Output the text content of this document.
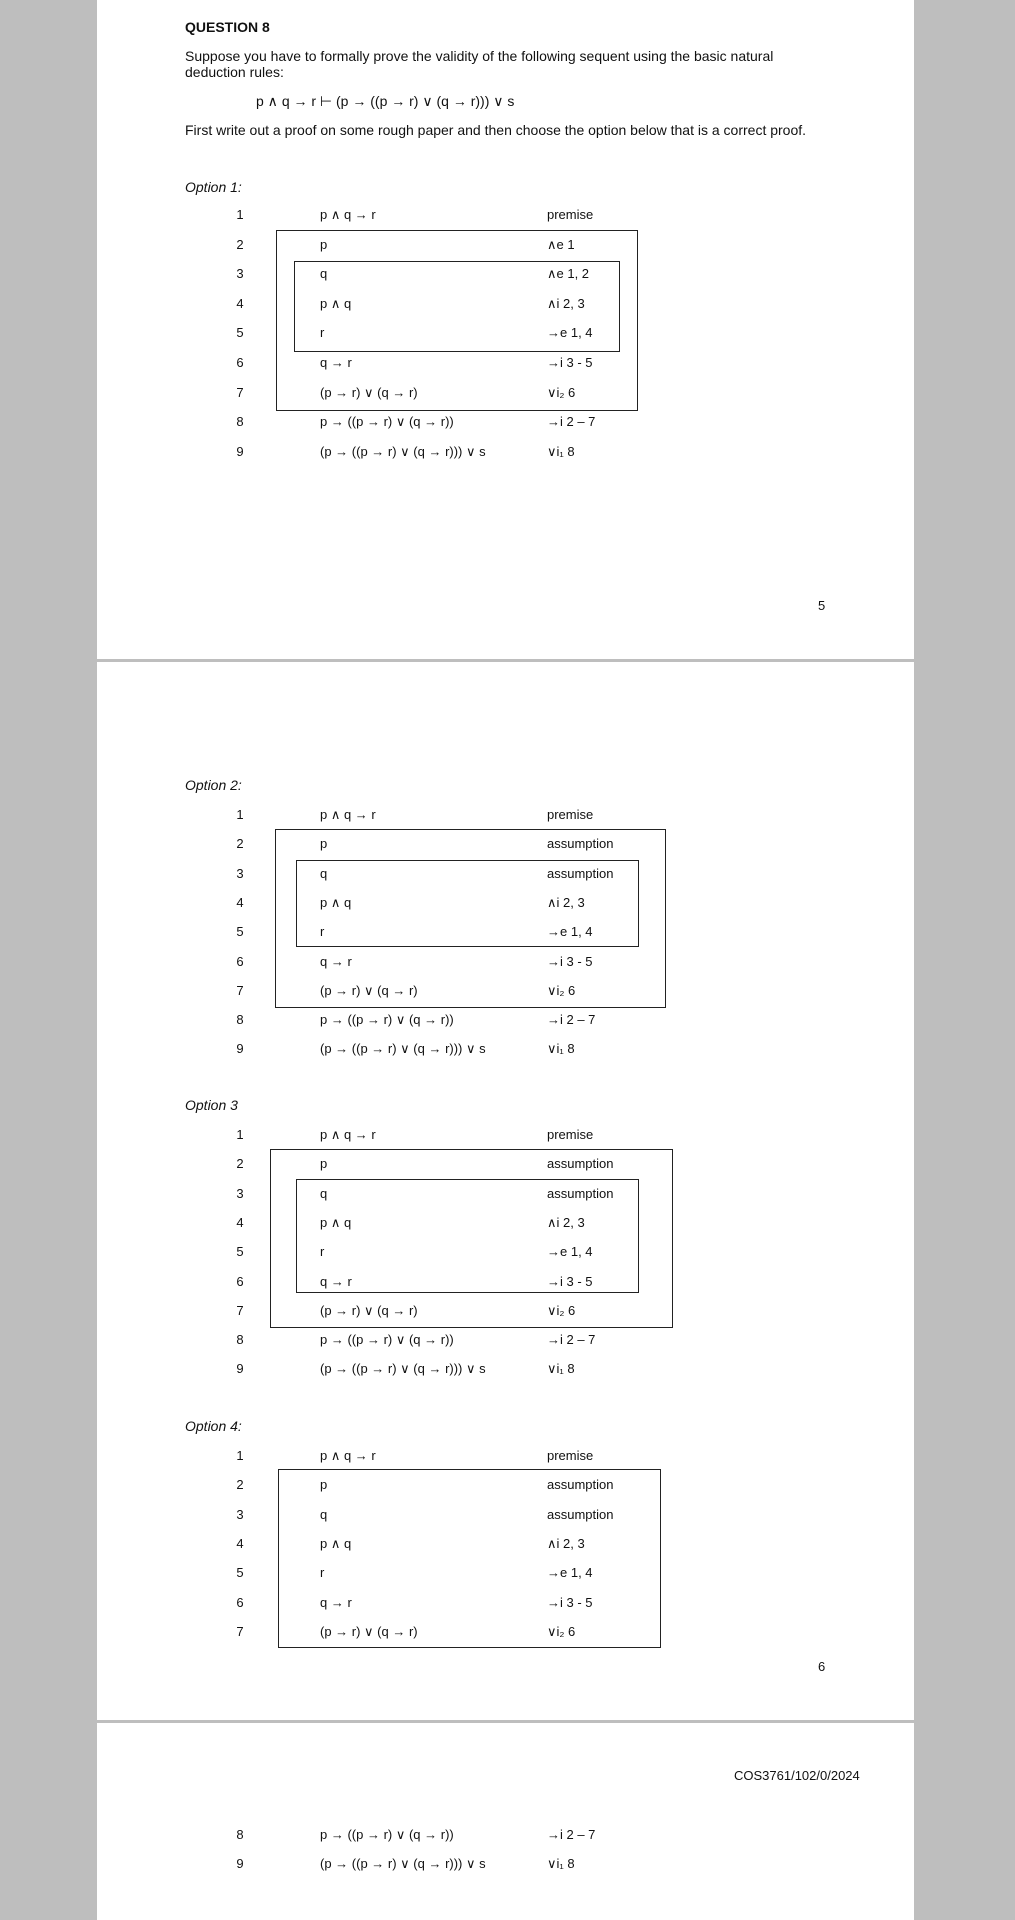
QUESTION 8
Suppose you have to formally prove the validity of the following sequent using the basic natural deduction rules:
p ∧ q → r ⊢ (p → ((p → r) ∨ (q → r))) ∨ s
First write out a proof on some rough paper and then choose the option below that is a correct proof.
Option 1:
1	p ∧ q → r	premise
2	p	∧e 1
3	q	∧e 1, 2
4	p ∧ q	∧i 2, 3
5	r	→e 1, 4
6	q → r	→i 3 - 5
7	(p → r) ∨ (q → r)	∨i₂ 6
8	p → ((p → r) ∨ (q → r))	→i 2 – 7
9	(p → ((p → r) ∨ (q → r))) ∨ s	∨i₁ 8
5
Option 2:
1	p ∧ q → r	premise
2	p	assumption
3	q	assumption
4	p ∧ q	∧i 2, 3
5	r	→e 1, 4
6	q → r	→i 3 - 5
7	(p → r) ∨ (q → r)	∨i₂ 6
8	p → ((p → r) ∨ (q → r))	→i 2 – 7
9	(p → ((p → r) ∨ (q → r))) ∨ s	∨i₁ 8
Option 3
1	p ∧ q → r	premise
2	p	assumption
3	q	assumption
4	p ∧ q	∧i 2, 3
5	r	→e 1, 4
6	q → r	→i 3 - 5
7	(p → r) ∨ (q → r)	∨i₂ 6
8	p → ((p → r) ∨ (q → r))	→i 2 – 7
9	(p → ((p → r) ∨ (q → r))) ∨ s	∨i₁ 8
Option 4:
1	p ∧ q → r	premise
2	p	assumption
3	q	assumption
4	p ∧ q	∧i 2, 3
5	r	→e 1, 4
6	q → r	→i 3 - 5
7	(p → r) ∨ (q → r)	∨i₂ 6
6
COS3761/102/0/2024
8	p → ((p → r) ∨ (q → r))	→i 2 – 7
9	(p → ((p → r) ∨ (q → r))) ∨ s	∨i₁ 8
